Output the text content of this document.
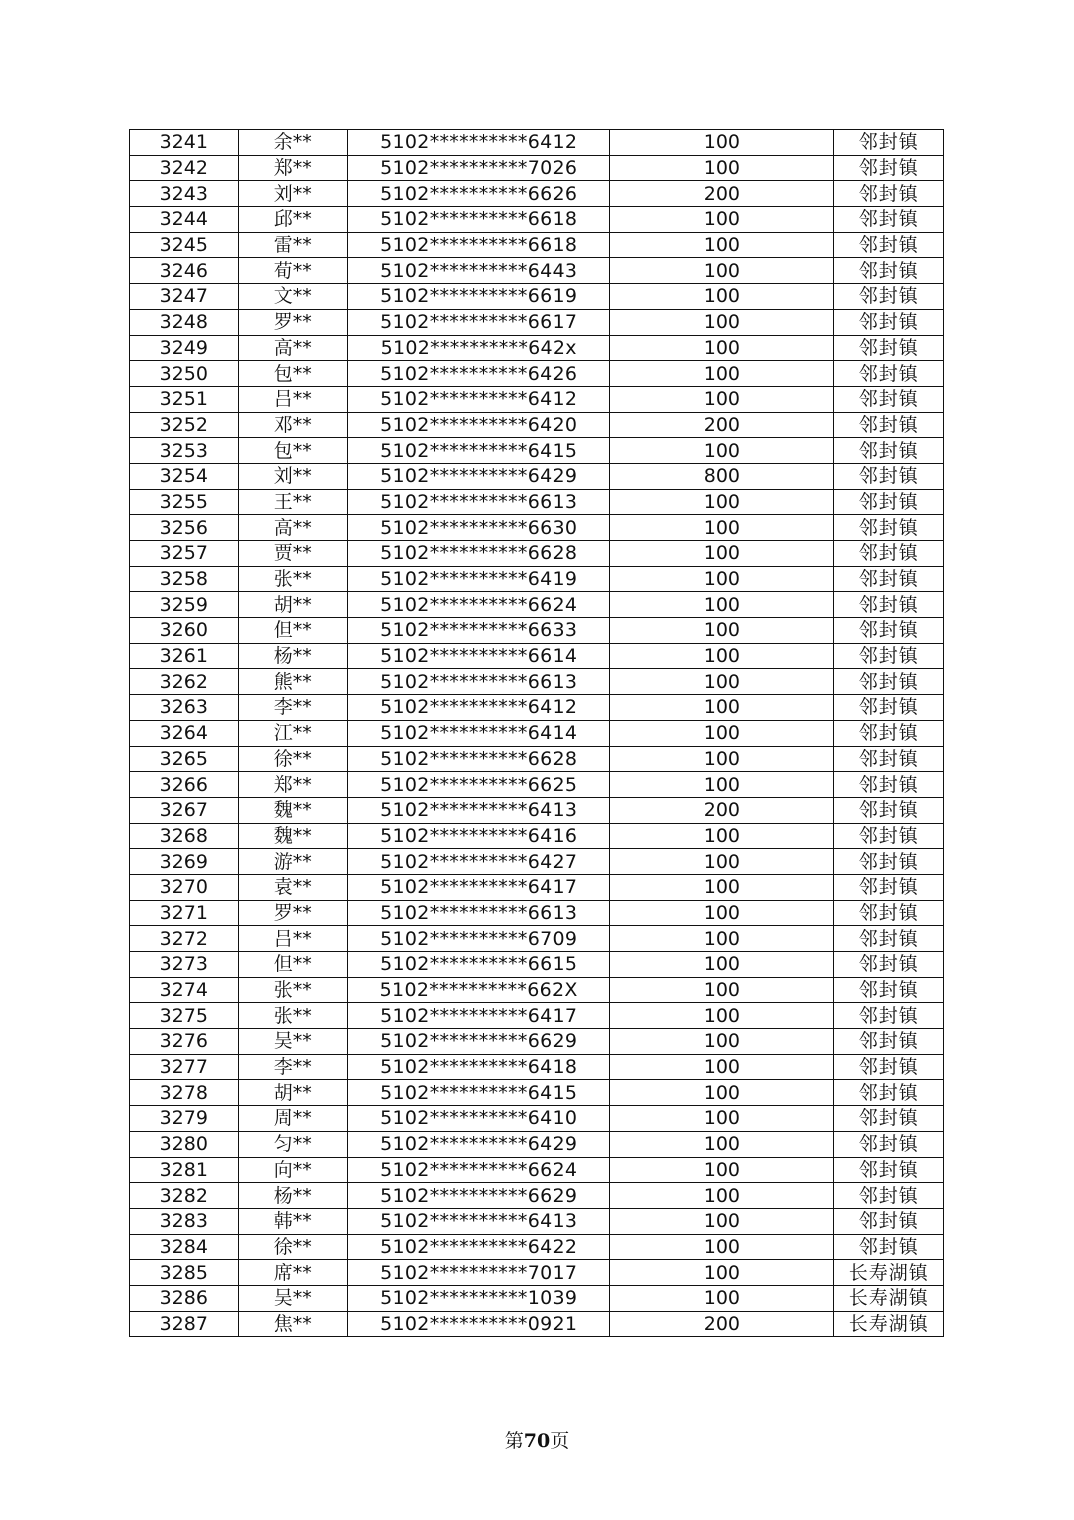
3241	余**	5102**********6412	100	邻封镇
3242	郑**	5102**********7026	100	邻封镇
3243	刘**	5102**********6626	200	邻封镇
3244	邱**	5102**********6618	100	邻封镇
3245	雷**	5102**********6618	100	邻封镇
3246	荀**	5102**********6443	100	邻封镇
3247	文**	5102**********6619	100	邻封镇
3248	罗**	5102**********6617	100	邻封镇
3249	高**	5102**********642x	100	邻封镇
3250	包**	5102**********6426	100	邻封镇
3251	吕**	5102**********6412	100	邻封镇
3252	邓**	5102**********6420	200	邻封镇
3253	包**	5102**********6415	100	邻封镇
3254	刘**	5102**********6429	800	邻封镇
3255	王**	5102**********6613	100	邻封镇
3256	高**	5102**********6630	100	邻封镇
3257	贾**	5102**********6628	100	邻封镇
3258	张**	5102**********6419	100	邻封镇
3259	胡**	5102**********6624	100	邻封镇
3260	但**	5102**********6633	100	邻封镇
3261	杨**	5102**********6614	100	邻封镇
3262	熊**	5102**********6613	100	邻封镇
3263	李**	5102**********6412	100	邻封镇
3264	江**	5102**********6414	100	邻封镇
3265	徐**	5102**********6628	100	邻封镇
3266	郑**	5102**********6625	100	邻封镇
3267	魏**	5102**********6413	200	邻封镇
3268	魏**	5102**********6416	100	邻封镇
3269	游**	5102**********6427	100	邻封镇
3270	袁**	5102**********6417	100	邻封镇
3271	罗**	5102**********6613	100	邻封镇
3272	吕**	5102**********6709	100	邻封镇
3273	但**	5102**********6615	100	邻封镇
3274	张**	5102**********662X	100	邻封镇
3275	张**	5102**********6417	100	邻封镇
3276	吴**	5102**********6629	100	邻封镇
3277	李**	5102**********6418	100	邻封镇
3278	胡**	5102**********6415	100	邻封镇
3279	周**	5102**********6410	100	邻封镇
3280	匀**	5102**********6429	100	邻封镇
3281	向**	5102**********6624	100	邻封镇
3282	杨**	5102**********6629	100	邻封镇
3283	韩**	5102**********6413	100	邻封镇
3284	徐**	5102**********6422	100	邻封镇
3285	席**	5102**********7017	100	长寿湖镇
3286	吴**	5102**********1039	100	长寿湖镇
3287	焦**	5102**********0921	200	长寿湖镇
第70页
